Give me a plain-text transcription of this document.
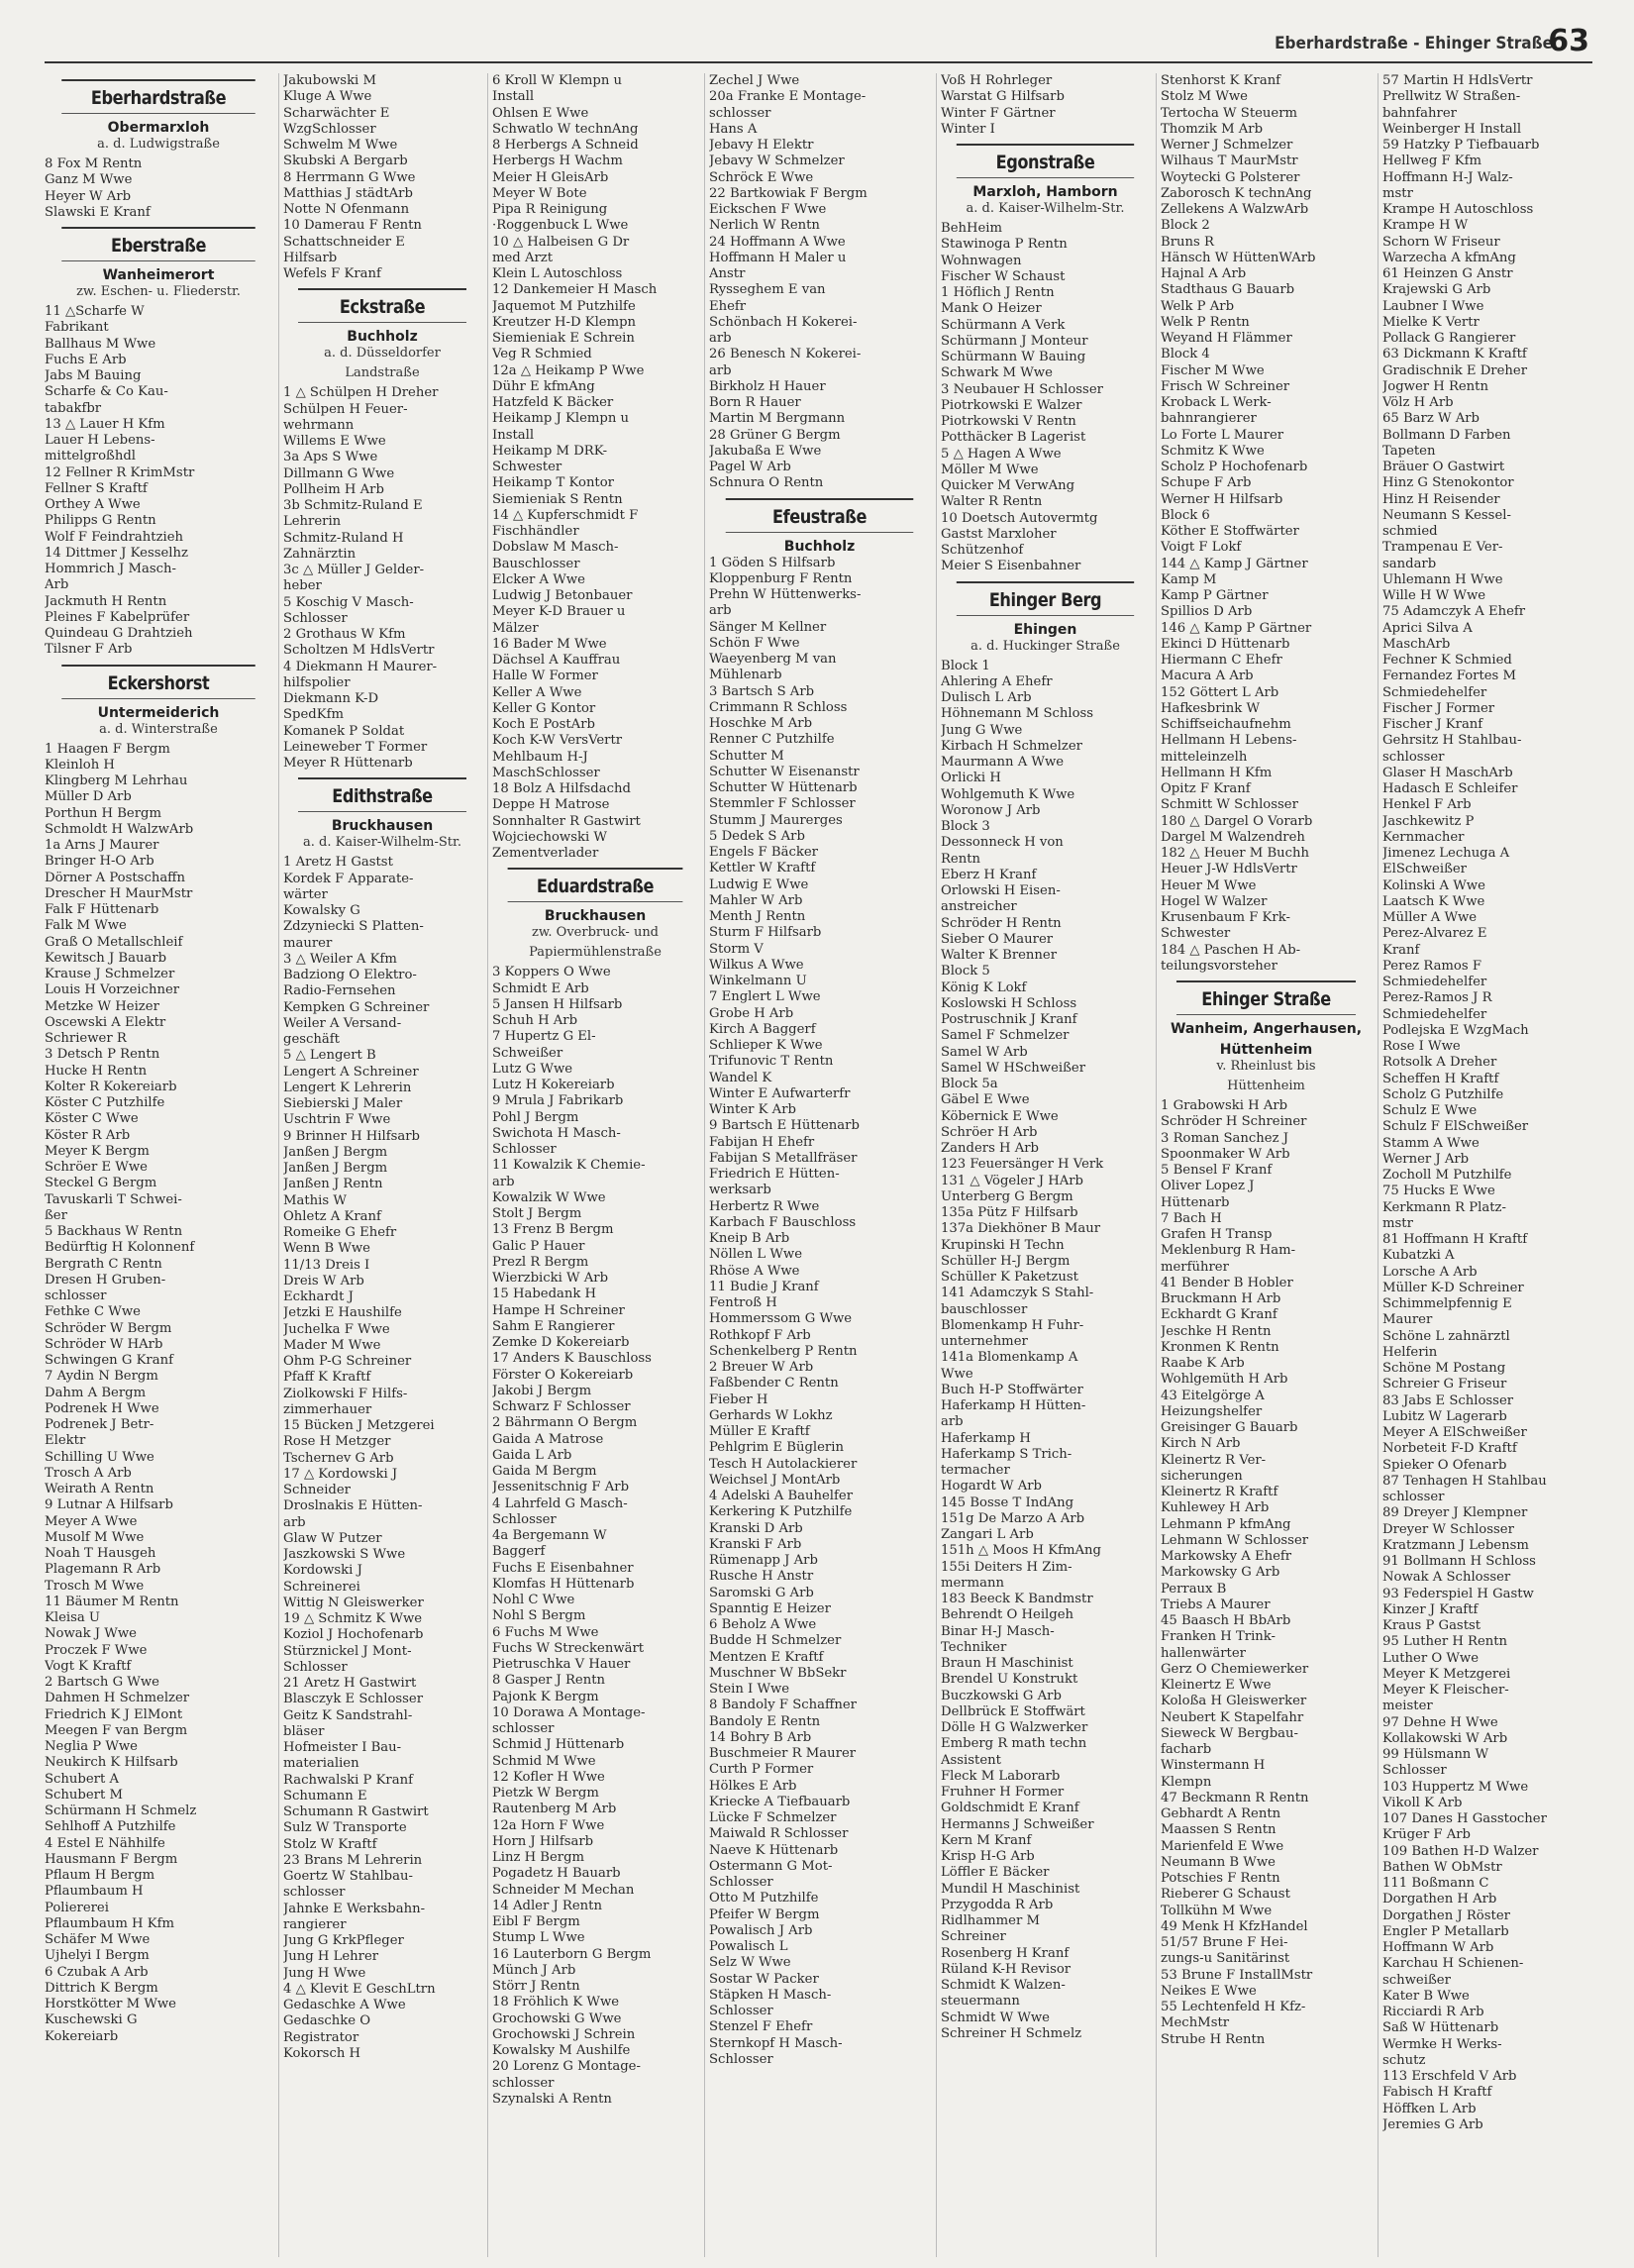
Eberhardstraße - Ehinger Straße
63
Eberhardstraße
Obermarxloh
a. d. Ludwigstraße
8 Fox M Rentn
Ganz M Wwe
Heyer W Arb
Slawski E Kranf
Eberstraße
Wanheimerort
zw. Eschen- u. Fliederstr.
11 △Scharfe W
Fabrikant
Ballhaus M Wwe
Fuchs E Arb
Jabs M Bauing
Scharfe & Co Kau-
tabakfbr
13 △ Lauer H Kfm
Lauer H Lebens-
mittelgroßhdl
12 Fellner R KrimMstr
Fellner S Kraftf
Orthey A Wwe
Philipps G Rentn
Wolf F Feindrahtzieh
14 Dittmer J Kesselhz
Hommrich J Masch-
Arb
Jackmuth H Rentn
Pleines F Kabelprüfer
Quindeau G Drahtzieh
Tilsner F Arb
Eckershorst
Untermeiderich
a. d. Winterstraße
1 Haagen F Bergm
Kleinloh H
Klingberg M Lehrhau
Müller D Arb
Porthun H Bergm
Schmoldt H WalzwArb
1a Arns J Maurer
Bringer H-O Arb
Dörner A Postschaffn
Drescher H MaurMstr
Falk F Hüttenarb
Falk M Wwe
Graß O Metallschleif
Kewitsch J Bauarb
Krause J Schmelzer
Louis H Vorzeichner
Metzke W Heizer
Oscewski A Elektr
Schriewer R
3 Detsch P Rentn
Hucke H Rentn
Kolter R Kokereiarb
Köster C Putzhilfe
Köster C Wwe
Köster R Arb
Meyer K Bergm
Schröer E Wwe
Steckel G Bergm
Tavuskarli T Schwei-
ßer
5 Backhaus W Rentn
Bedürftig H Kolonnenf
Bergrath C Rentn
Dresen H Gruben-
schlosser
Fethke C Wwe
Schröder W Bergm
Schröder W HArb
Schwingen G Kranf
7 Aydin N Bergm
Dahm A Bergm
Podrenek H Wwe
Podrenek J Betr-
Elektr
Schilling U Wwe
Trosch A Arb
Weirath A Rentn
9 Lutnar A Hilfsarb
Meyer A Wwe
Musolf M Wwe
Noah T Hausgeh
Plagemann R Arb
Trosch M Wwe
11 Bäumer M Rentn
Kleisa U
Nowak J Wwe
Proczek F Wwe
Vogt K Kraftf
2 Bartsch G Wwe
Dahmen H Schmelzer
Friedrich K J ElMont
Meegen F van Bergm
Neglia P Wwe
Neukirch K Hilfsarb
Schubert A
Schubert M
Schürmann H Schmelz
Sehlhoff A Putzhilfe
4 Estel E Nähhilfe
Hausmann F Bergm
Pflaum H Bergm
Pflaumbaum H
Poliererei
Pflaumbaum H Kfm
Schäfer M Wwe
Ujhelyi I Bergm
6 Czubak A Arb
Dittrich K Bergm
Horstkötter M Wwe
Kuschewski G
Kokereiarb
Jakubowski M
Kluge A Wwe
Scharwächter E
WzgSchlosser
Schwelm M Wwe
Skubski A Bergarb
8 Herrmann G Wwe
Matthias J städtArb
Notte N Ofenmann
10 Damerau F Rentn
Schattschneider E
Hilfsarb
Wefels F Kranf
Eckstraße
Buchholz
a. d. Düsseldorfer
Landstraße
1 △ Schülpen H Dreher
Schülpen H Feuer-
wehrmann
Willems E Wwe
3a Aps S Wwe
Dillmann G Wwe
Pollheim H Arb
3b Schmitz-Ruland E
Lehrerin
Schmitz-Ruland H
Zahnärztin
3c △ Müller J Gelder-
heber
5 Koschig V Masch-
Schlosser
2 Grothaus W Kfm
Scholtzen M HdlsVertr
4 Diekmann H Maurer-
hilfspolier
Diekmann K-D
SpedKfm
Komanek P Soldat
Leineweber T Former
Meyer R Hüttenarb
Edithstraße
Bruckhausen
a. d. Kaiser-Wilhelm-Str.
1 Aretz H Gastst
Kordek F Apparate-
wärter
Kowalsky G
Zdzyniecki S Platten-
maurer
3 △ Weiler A Kfm
Badziong O Elektro-
Radio-Fernsehen
Kempken G Schreiner
Weiler A Versand-
geschäft
5 △ Lengert B
Lengert A Schreiner
Lengert K Lehrerin
Siebierski J Maler
Uschtrin F Wwe
9 Brinner H Hilfsarb
Janßen J Bergm
Janßen J Bergm
Janßen J Rentn
Mathis W
Ohletz A Kranf
Romeike G Ehefr
Wenn B Wwe
11/13 Dreis I
Dreis W Arb
Eckhardt J
Jetzki E Haushilfe
Juchelka F Wwe
Mader M Wwe
Ohm P-G Schreiner
Pfaff K Kraftf
Ziolkowski F Hilfs-
zimmerhauer
15 Bücken J Metzgerei
Rose H Metzger
Tschernev G Arb
17 △ Kordowski J
Schneider
Droslnakis E Hütten-
arb
Glaw W Putzer
Jaszkowski S Wwe
Kordowski J
Schreinerei
Wittig N Gleiswerker
19 △ Schmitz K Wwe
Koziol J Hochofenarb
Stürznickel J Mont-
Schlosser
21 Aretz H Gastwirt
Blasczyk E Schlosser
Geitz K Sandstrahl-
bläser
Hofmeister I Bau-
materialien
Rachwalski P Kranf
Schumann E
Schumann R Gastwirt
Sulz W Transporte
Stolz W Kraftf
23 Brans M Lehrerin
Goertz W Stahlbau-
schlosser
Jahnke E Werksbahn-
rangierer
Jung G KrkPfleger
Jung H Lehrer
Jung H Wwe
4 △ Klevit E GeschLtrn
Gedaschke A Wwe
Gedaschke O
Registrator
Kokorsch H
6 Kroll W Klempn u
Install
Ohlsen E Wwe
Schwatlo W technAng
8 Herbergs A Schneid
Herbergs H Wachm
Meier H GleisArb
Meyer W Bote
Pipa R Reinigung
·Roggenbuck L Wwe
10 △ Halbeisen G Dr
med Arzt
Klein L Autoschloss
12 Dankemeier H Masch
Jaquemot M Putzhilfe
Kreutzer H-D Klempn
Siemieniak E Schrein
Veg R Schmied
12a △ Heikamp P Wwe
Dühr E kfmAng
Hatzfeld K Bäcker
Heikamp J Klempn u
Install
Heikamp M DRK-
Schwester
Heikamp T Kontor
Siemieniak S Rentn
14 △ Kupferschmidt F
Fischhändler
Dobslaw M Masch-
Bauschlosser
Elcker A Wwe
Ludwig J Betonbauer
Meyer K-D Brauer u
Mälzer
16 Bader M Wwe
Dächsel A Kauffrau
Halle W Former
Keller A Wwe
Keller G Kontor
Koch E PostArb
Koch K-W VersVertr
Mehlbaum H-J
MaschSchlosser
18 Bolz A Hilfsdachd
Deppe H Matrose
Sonnhalter R Gastwirt
Wojciechowski W
Zementverlader
Eduardstraße
Bruckhausen
zw. Overbruck- und
Papiermühlenstraße
3 Koppers O Wwe
Schmidt E Arb
5 Jansen H Hilfsarb
Schuh H Arb
7 Hupertz G El-
Schweißer
Lutz G Wwe
Lutz H Kokereiarb
9 Mrula J Fabrikarb
Pohl J Bergm
Swichota H Masch-
Schlosser
11 Kowalzik K Chemie-
arb
Kowalzik W Wwe
Stolt J Bergm
13 Frenz B Bergm
Galic P Hauer
Prezl R Bergm
Wierzbicki W Arb
15 Habedank H
Hampe H Schreiner
Sahm E Rangierer
Zemke D Kokereiarb
17 Anders K Bauschloss
Förster O Kokereiarb
Jakobi J Bergm
Schwarz F Schlosser
2 Bährmann O Bergm
Gaida A Matrose
Gaida L Arb
Gaida M Bergm
Jessenitschnig F Arb
4 Lahrfeld G Masch-
Schlosser
4a Bergemann W
Baggerf
Fuchs E Eisenbahner
Klomfas H Hüttenarb
Nohl C Wwe
Nohl S Bergm
6 Fuchs M Wwe
Fuchs W Streckenwärt
Pietruschka V Hauer
8 Gasper J Rentn
Pajonk K Bergm
10 Dorawa A Montage-
schlosser
Schmid J Hüttenarb
Schmid M Wwe
12 Kofler H Wwe
Pietzk W Bergm
Rautenberg M Arb
12a Horn F Wwe
Horn J Hilfsarb
Linz H Bergm
Pogadetz H Bauarb
Schneider M Mechan
14 Adler J Rentn
Eibl F Bergm
Stump L Wwe
16 Lauterborn G Bergm
Münch J Arb
Störr J Rentn
18 Fröhlich K Wwe
Grochowski G Wwe
Grochowski J Schrein
Kowalsky M Aushilfe
20 Lorenz G Montage-
schlosser
Szynalski A Rentn
Zechel J Wwe
20a Franke E Montage-
schlosser
Hans A
Jebavy H Elektr
Jebavy W Schmelzer
Schröck E Wwe
22 Bartkowiak F Bergm
Eickschen F Wwe
Nerlich W Rentn
24 Hoffmann A Wwe
Hoffmann H Maler u
Anstr
Rysseghem E van
Ehefr
Schönbach H Kokerei-
arb
26 Benesch N Kokerei-
arb
Birkholz H Hauer
Born R Hauer
Martin M Bergmann
28 Grüner G Bergm
Jakubaßa E Wwe
Pagel W Arb
Schnura O Rentn
Efeustraße
Buchholz
1 Göden S Hilfsarb
Kloppenburg F Rentn
Prehn W Hüttenwerks-
arb
Sänger M Kellner
Schön F Wwe
Waeyenberg M van
Mühlenarb
3 Bartsch S Arb
Crimmann R Schloss
Hoschke M Arb
Renner C Putzhilfe
Schutter M
Schutter W Eisenanstr
Schutter W Hüttenarb
Stemmler F Schlosser
Stumm J Maurerges
5 Dedek S Arb
Engels F Bäcker
Kettler W Kraftf
Ludwig E Wwe
Mahler W Arb
Menth J Rentn
Sturm F Hilfsarb
Storm V
Wilkus A Wwe
Winkelmann U
7 Englert L Wwe
Grobe H Arb
Kirch A Baggerf
Schlieper K Wwe
Trifunovic T Rentn
Wandel K
Winter E Aufwarterfr
Winter K Arb
9 Bartsch E Hüttenarb
Fabijan H Ehefr
Fabijan S Metallfräser
Friedrich E Hütten-
werksarb
Herbertz R Wwe
Karbach F Bauschloss
Kneip B Arb
Nöllen L Wwe
Rhöse A Wwe
11 Budie J Kranf
Fentroß H
Hommerssom G Wwe
Rothkopf F Arb
Schenkelberg P Rentn
2 Breuer W Arb
Faßbender C Rentn
Fieber H
Gerhards W Lokhz
Müller E Kraftf
Pehlgrim E Büglerin
Tesch H Autolackierer
Weichsel J MontArb
4 Adelski A Bauhelfer
Kerkering K Putzhilfe
Kranski D Arb
Kranski F Arb
Rümenapp J Arb
Rusche H Anstr
Saromski G Arb
Spanntig E Heizer
6 Beholz A Wwe
Budde H Schmelzer
Mentzen E Kraftf
Muschner W BbSekr
Stein I Wwe
8 Bandoly F Schaffner
Bandoly E Rentn
14 Bohry B Arb
Buschmeier R Maurer
Curth P Former
Hölkes E Arb
Kriecke A Tiefbauarb
Lücke F Schmelzer
Maiwald R Schlosser
Naeve K Hüttenarb
Ostermann G Mot-
Schlosser
Otto M Putzhilfe
Pfeifer W Bergm
Powalisch J Arb
Powalisch L
Selz W Wwe
Sostar W Packer
Stäpken H Masch-
Schlosser
Stenzel F Ehefr
Sternkopf H Masch-
Schlosser
Voß H Rohrleger
Warstat G Hilfsarb
Winter F Gärtner
Winter I
Egonstraße
Marxloh, Hamborn
a. d. Kaiser-Wilhelm-Str.
BehHeim
Stawinoga P Rentn
Wohnwagen
Fischer W Schaust
1 Höflich J Rentn
Mank O Heizer
Schürmann A Verk
Schürmann J Monteur
Schürmann W Bauing
Schwark M Wwe
3 Neubauer H Schlosser
Piotrkowski E Walzer
Piotrkowski V Rentn
Potthäcker B Lagerist
5 △ Hagen A Wwe
Möller M Wwe
Quicker M VerwAng
Walter R Rentn
10 Doetsch Autovermtg
Gastst Marxloher
Schützenhof
Meier S Eisenbahner
Ehinger Berg
Ehingen
a. d. Huckinger Straße
Block 1
Ahlering A Ehefr
Dulisch L Arb
Höhnemann M Schloss
Jung G Wwe
Kirbach H Schmelzer
Maurmann A Wwe
Orlicki H
Wohlgemuth K Wwe
Woronow J Arb
Block 3
Dessonneck H von
Rentn
Eberz H Kranf
Orlowski H Eisen-
anstreicher
Schröder H Rentn
Sieber O Maurer
Walter K Brenner
Block 5
König K Lokf
Koslowski H Schloss
Postruschnik J Kranf
Samel F Schmelzer
Samel W Arb
Samel W HSchweißer
Block 5a
Gäbel E Wwe
Köbernick E Wwe
Schröer H Arb
Zanders H Arb
123 Feuersänger H Verk
131 △ Vögeler J HArb
Unterberg G Bergm
135a Pütz F Hilfsarb
137a Diekhöner B Maur
Krupinski H Techn
Schüller H-J Bergm
Schüller K Paketzust
141 Adamczyk S Stahl-
bauschlosser
Blomenkamp H Fuhr-
unternehmer
141a Blomenkamp A
Wwe
Buch H-P Stoffwärter
Haferkamp H Hütten-
arb
Haferkamp H
Haferkamp S Trich-
termacher
Hogardt W Arb
145 Bosse T IndAng
151g De Marzo A Arb
Zangari L Arb
151h △ Moos H KfmAng
155i Deiters H Zim-
mermann
183 Beeck K Bandmstr
Behrendt O Heilgeh
Binar H-J Masch-
Techniker
Braun H Maschinist
Brendel U Konstrukt
Buczkowski G Arb
Dellbrück E Stoffwärt
Dölle H G Walzwerker
Emberg R math techn
Assistent
Fleck M Laborarb
Fruhner H Former
Goldschmidt E Kranf
Hermanns J Schweißer
Kern M Kranf
Krisp H-G Arb
Löffler E Bäcker
Mundil H Maschinist
Przygodda R Arb
Ridlhammer M
Schreiner
Rosenberg H Kranf
Rüland K-H Revisor
Schmidt K Walzen-
steuermann
Schmidt W Wwe
Schreiner H Schmelz
Stenhorst K Kranf
Stolz M Wwe
Tertocha W Steuerm
Thomzik M Arb
Werner J Schmelzer
Wilhaus T MaurMstr
Woytecki G Polsterer
Zaborosch K technAng
Zellekens A WalzwArb
Block 2
Bruns R
Hänsch W HüttenWArb
Hajnal A Arb
Stadthaus G Bauarb
Welk P Arb
Welk P Rentn
Weyand H Flämmer
Block 4
Fischer M Wwe
Frisch W Schreiner
Kroback L Werk-
bahnrangierer
Lo Forte L Maurer
Schmitz K Wwe
Scholz P Hochofenarb
Schupe F Arb
Werner H Hilfsarb
Block 6
Köther E Stoffwärter
Voigt F Lokf
144 △ Kamp J Gärtner
Kamp M
Kamp P Gärtner
Spillios D Arb
146 △ Kamp P Gärtner
Ekinci D Hüttenarb
Hiermann C Ehefr
Macura A Arb
152 Göttert L Arb
Hafkesbrink W
Schiffseichaufnehm
Hellmann H Lebens-
mitteleinzelh
Hellmann H Kfm
Opitz F Kranf
Schmitt W Schlosser
180 △ Dargel O Vorarb
Dargel M Walzendreh
182 △ Heuer M Buchh
Heuer J-W HdlsVertr
Heuer M Wwe
Hogel W Walzer
Krusenbaum F Krk-
Schwester
184 △ Paschen H Ab-
teilungsvorsteher
Ehinger Straße
Wanheim, Angerhausen,
Hüttenheim
v. Rheinlust bis
Hüttenheim
1 Grabowski H Arb
Schröder H Schreiner
3 Roman Sanchez J
Spoonmaker W Arb
5 Bensel F Kranf
Oliver Lopez J
Hüttenarb
7 Bach H
Grafen H Transp
Meklenburg R Ham-
merführer
41 Bender B Hobler
Bruckmann H Arb
Eckhardt G Kranf
Jeschke H Rentn
Kronmen K Rentn
Raabe K Arb
Wohlgemüth H Arb
43 Eitelgörge A
Heizungshelfer
Greisinger G Bauarb
Kirch N Arb
Kleinertz R Ver-
sicherungen
Kleinertz R Kraftf
Kuhlewey H Arb
Lehmann P kfmAng
Lehmann W Schlosser
Markowsky A Ehefr
Markowsky G Arb
Perraux B
Triebs A Maurer
45 Baasch H BbArb
Franken H Trink-
hallenwärter
Gerz O Chemiewerker
Kleinertz E Wwe
Koloßa H Gleiswerker
Neubert K Stapelfahr
Sieweck W Bergbau-
facharb
Winstermann H
Klempn
47 Beckmann R Rentn
Gebhardt A Rentn
Maassen S Rentn
Marienfeld E Wwe
Neumann B Wwe
Potschies F Rentn
Rieberer G Schaust
Tollkühn M Wwe
49 Menk H KfzHandel
51/57 Brune F Hei-
zungs-u Sanitärinst
53 Brune F InstallMstr
Neikes E Wwe
55 Lechtenfeld H Kfz-
MechMstr
Strube H Rentn
57 Martin H HdlsVertr
Prellwitz W Straßen-
bahnfahrer
Weinberger H Install
59 Hatzky P Tiefbauarb
Hellweg F Kfm
Hoffmann H-J Walz-
mstr
Krampe H Autoschloss
Krampe H W
Schorn W Friseur
Warzecha A kfmAng
61 Heinzen G Anstr
Krajewski G Arb
Laubner I Wwe
Mielke K Vertr
Pollack G Rangierer
63 Dickmann K Kraftf
Gradischnik E Dreher
Jogwer H Rentn
Völz H Arb
65 Barz W Arb
Bollmann D Farben
Tapeten
Bräuer O Gastwirt
Hinz G Stenokontor
Hinz H Reisender
Neumann S Kessel-
schmied
Trampenau E Ver-
sandarb
Uhlemann H Wwe
Wille H W Wwe
75 Adamczyk A Ehefr
Aprici Silva A
MaschArb
Fechner K Schmied
Fernandez Fortes M
Schmiedehelfer
Fischer J Former
Fischer J Kranf
Gehrsitz H Stahlbau-
schlosser
Glaser H MaschArb
Hadasch E Schleifer
Henkel F Arb
Jaschkewitz P
Kernmacher
Jimenez Lechuga A
ElSchweißer
Kolinski A Wwe
Laatsch K Wwe
Müller A Wwe
Perez-Alvarez E
Kranf
Perez Ramos F
Schmiedehelfer
Perez-Ramos J R
Schmiedehelfer
Podlejska E WzgMach
Rose I Wwe
Rotsolk A Dreher
Scheffen H Kraftf
Scholz G Putzhilfe
Schulz E Wwe
Schulz F ElSchweißer
Stamm A Wwe
Werner J Arb
Zocholl M Putzhilfe
75 Hucks E Wwe
Kerkmann R Platz-
mstr
81 Hoffmann H Kraftf
Kubatzki A
Lorsche A Arb
Müller K-D Schreiner
Schimmelpfennig E
Maurer
Schöne L zahnärztl
Helferin
Schöne M Postang
Schreier G Friseur
83 Jabs E Schlosser
Lubitz W Lagerarb
Meyer A ElSchweißer
Norbeteit F-D Kraftf
Spieker O Ofenarb
87 Tenhagen H Stahlbau
schlosser
89 Dreyer J Klempner
Dreyer W Schlosser
Kratzmann J Lebensm
91 Bollmann H Schloss
Nowak A Schlosser
93 Federspiel H Gastw
Kinzer J Kraftf
Kraus P Gastst
95 Luther H Rentn
Luther O Wwe
Meyer K Metzgerei
Meyer K Fleischer-
meister
97 Dehne H Wwe
Kollakowski W Arb
99 Hülsmann W
Schlosser
103 Huppertz M Wwe
Vikoll K Arb
107 Danes H Gasstocher
Krüger F Arb
109 Bathen H-D Walzer
Bathen W ObMstr
111 Boßmann C
Dorgathen H Arb
Dorgathen J Röster
Engler P Metallarb
Hoffmann W Arb
Karchau H Schienen-
schweißer
Kater B Wwe
Ricciardi R Arb
Saß W Hüttenarb
Wermke H Werks-
schutz
113 Erschfeld V Arb
Fabisch H Kraftf
Höffken L Arb
Jeremies G Arb
